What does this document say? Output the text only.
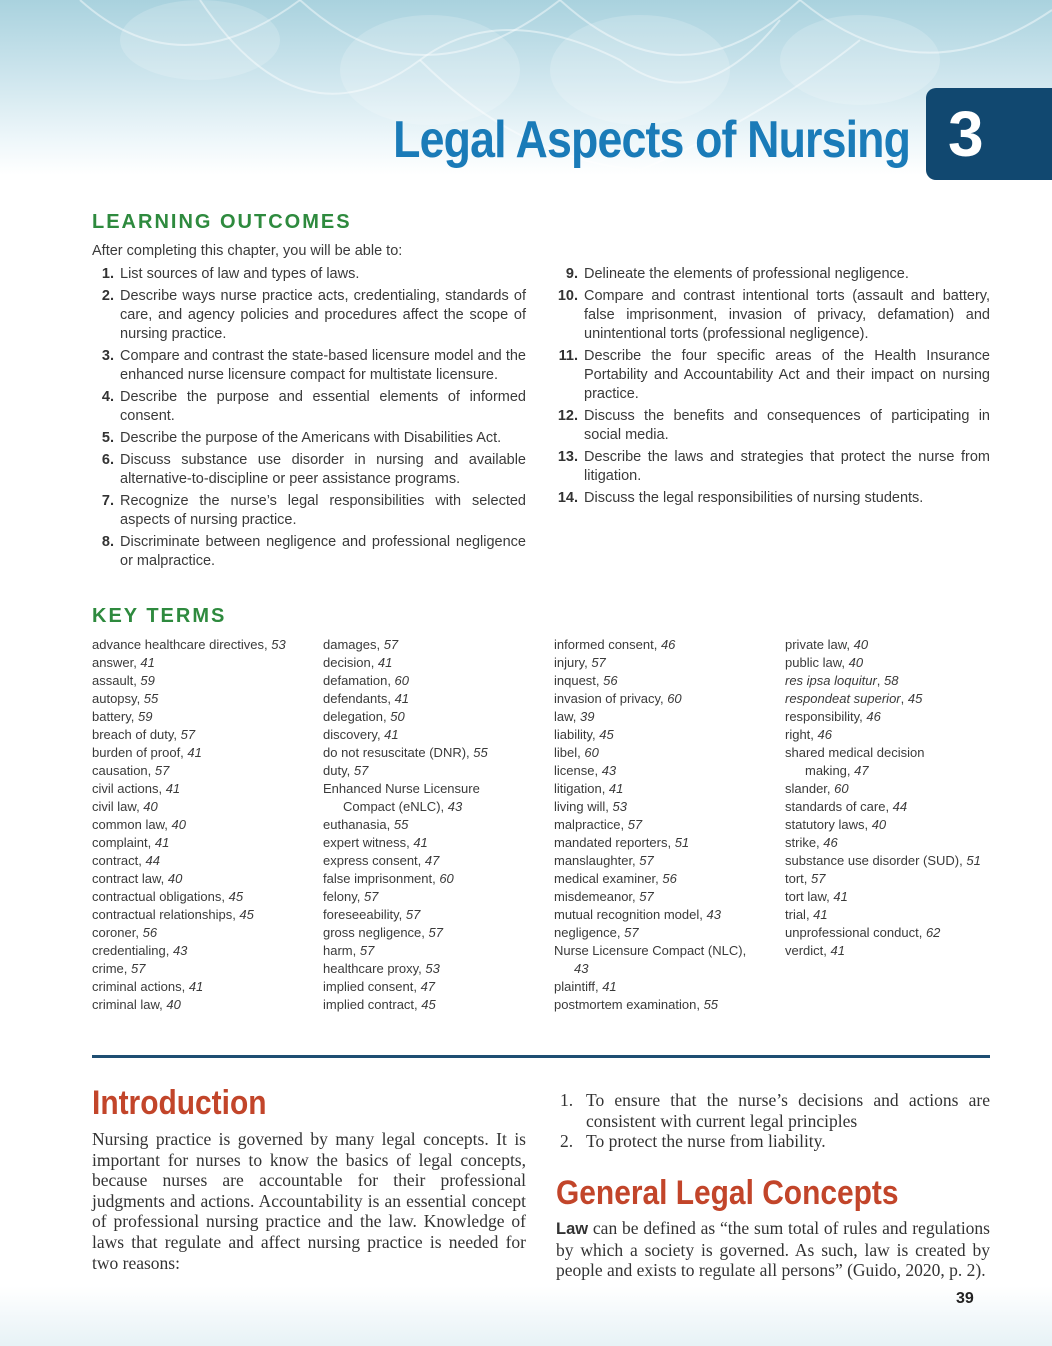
Legal Aspects of Nursing 3
LEARNING OUTCOMES

After completing this chapter, you will be able to:

1. List sources of law and types of laws.
2. Describe ways nurse practice acts, credentialing, standards of care, and agency policies and procedures affect the scope of nursing practice.
3. Compare and contrast the state-based licensure model and the enhanced nurse licensure compact for multistate licensure.
4. Describe the purpose and essential elements of informed consent.
5. Describe the purpose of the Americans with Disabilities Act.
6. Discuss substance use disorder in nursing and available alternative-to-discipline or peer assistance programs.
7. Recognize the nurse’s legal responsibilities with selected aspects of nursing practice.
8. Discriminate between negligence and professional negligence or malpractice.
9. Delineate the elements of professional negligence.
10. Compare and contrast intentional torts (assault and battery, false imprisonment, invasion of privacy, defamation) and unintentional torts (professional negligence).
11. Describe the four specific areas of the Health Insurance Portability and Accountability Act and their impact on nursing practice.
12. Discuss the benefits and consequences of participating in social media.
13. Describe the laws and strategies that protect the nurse from litigation.
14. Discuss the legal responsibilities of nursing students.
KEY TERMS
advance healthcare directives, 53
answer, 41
assault, 59
autopsy, 55
battery, 59
breach of duty, 57
burden of proof, 41
causation, 57
civil actions, 41
civil law, 40
common law, 40
complaint, 41
contract, 44
contract law, 40
contractual obligations, 45
contractual relationships, 45
coroner, 56
credentialing, 43
crime, 57
criminal actions, 41
criminal law, 40
damages, 57
decision, 41
defamation, 60
defendants, 41
delegation, 50
discovery, 41
do not resuscitate (DNR), 55
duty, 57
Enhanced Nurse Licensure
Compact (eNLC), 43
euthanasia, 55
expert witness, 41
express consent, 47
false imprisonment, 60
felony, 57
foreseeability, 57
gross negligence, 57
harm, 57
healthcare proxy, 53
implied consent, 47
implied contract, 45
informed consent, 46
injury, 57
inquest, 56
invasion of privacy, 60
law, 39
liability, 45
libel, 60
license, 43
litigation, 41
living will, 53
malpractice, 57
mandated reporters, 51
manslaughter, 57
medical examiner, 56
misdemeanor, 57
mutual recognition model, 43
negligence, 57
Nurse Licensure Compact (NLC),
43
plaintiff, 41
postmortem examination, 55
private law, 40
public law, 40
res ipsa loquitur, 58
respondeat superior, 45
responsibility, 46
right, 46
shared medical decision
making, 47
slander, 60
standards of care, 44
statutory laws, 40
strike, 46
substance use disorder (SUD), 51
tort, 57
tort law, 41
trial, 41
unprofessional conduct, 62
verdict, 41
Introduction

Nursing practice is governed by many legal concepts. It is important for nurses to know the basics of legal concepts, because nurses are accountable for their professional judgments and actions. Accountability is an essential concept of professional nursing practice and the law. Knowledge of laws that regulate and affect nursing practice is needed for two reasons:

1. To ensure that the nurse’s decisions and actions are consistent with current legal principles
2. To protect the nurse from liability.
General Legal Concepts

Law can be defined as “the sum total of rules and regulations by which a society is governed. As such, law is created by people and exists to regulate all persons” (Guido, 2020, p. 2).

39
